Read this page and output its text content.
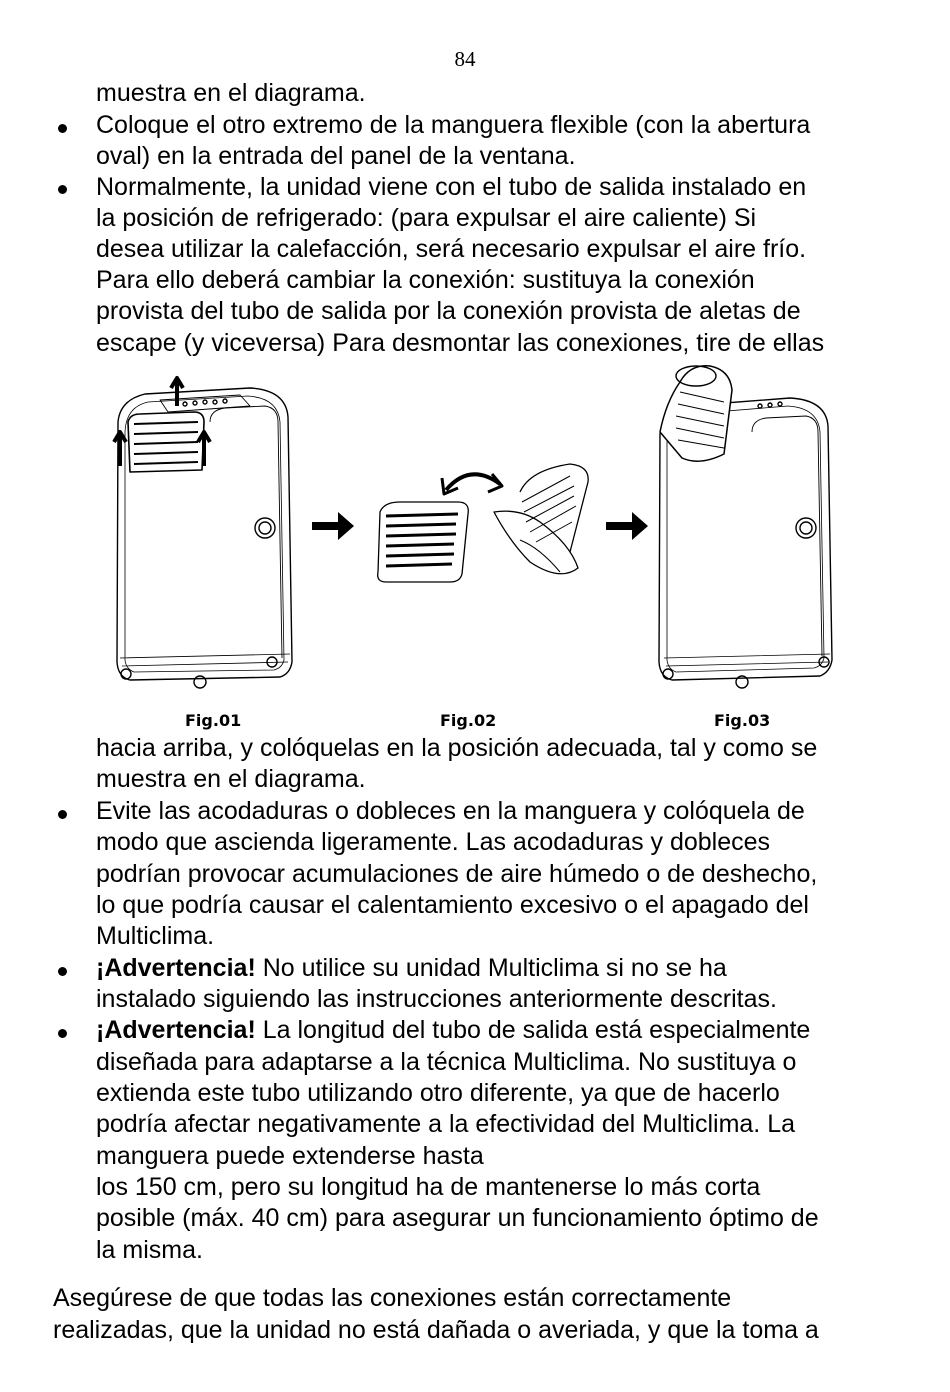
84
muestra en el diagrama.
Coloque el otro extremo de la manguera flexible (con la abertura
oval) en la entrada del panel de la ventana.
Normalmente, la unidad viene con el tubo de salida instalado en
la posición de refrigerado: (para expulsar el aire caliente) Si
desea utilizar la calefacción, será necesario expulsar el aire frío.
Para ello deberá cambiar la conexión: sustituya la conexión
provista del tubo de salida por la conexión provista de aletas de
escape (y viceversa) Para desmontar las conexiones, tire de ellas
Fig.01	Fig.02	Fig.03
hacia arriba, y colóquelas en la posición adecuada, tal y como se
muestra en el diagrama.
Evite las acodaduras o dobleces en la manguera y colóquela de
modo que ascienda ligeramente. Las acodaduras y dobleces
podrían provocar acumulaciones de aire húmedo o de deshecho,
lo que podría causar el calentamiento excesivo o el apagado del
Multiclima.
¡Advertencia! No utilice su unidad Multiclima si no se ha
instalado siguiendo las instrucciones anteriormente descritas.
¡Advertencia! La longitud del tubo de salida está especialmente
diseñada para adaptarse a la técnica Multiclima. No sustituya o
extienda este tubo utilizando otro diferente, ya que de hacerlo
podría afectar negativamente a la efectividad del Multiclima. La
manguera puede extenderse hasta
los 150 cm, pero su longitud ha de mantenerse lo más corta
posible (máx. 40 cm) para asegurar un funcionamiento óptimo de
la misma.
Asegúrese de que todas las conexiones están correctamente
realizadas, que la unidad no está dañada o averiada, y que la toma a
